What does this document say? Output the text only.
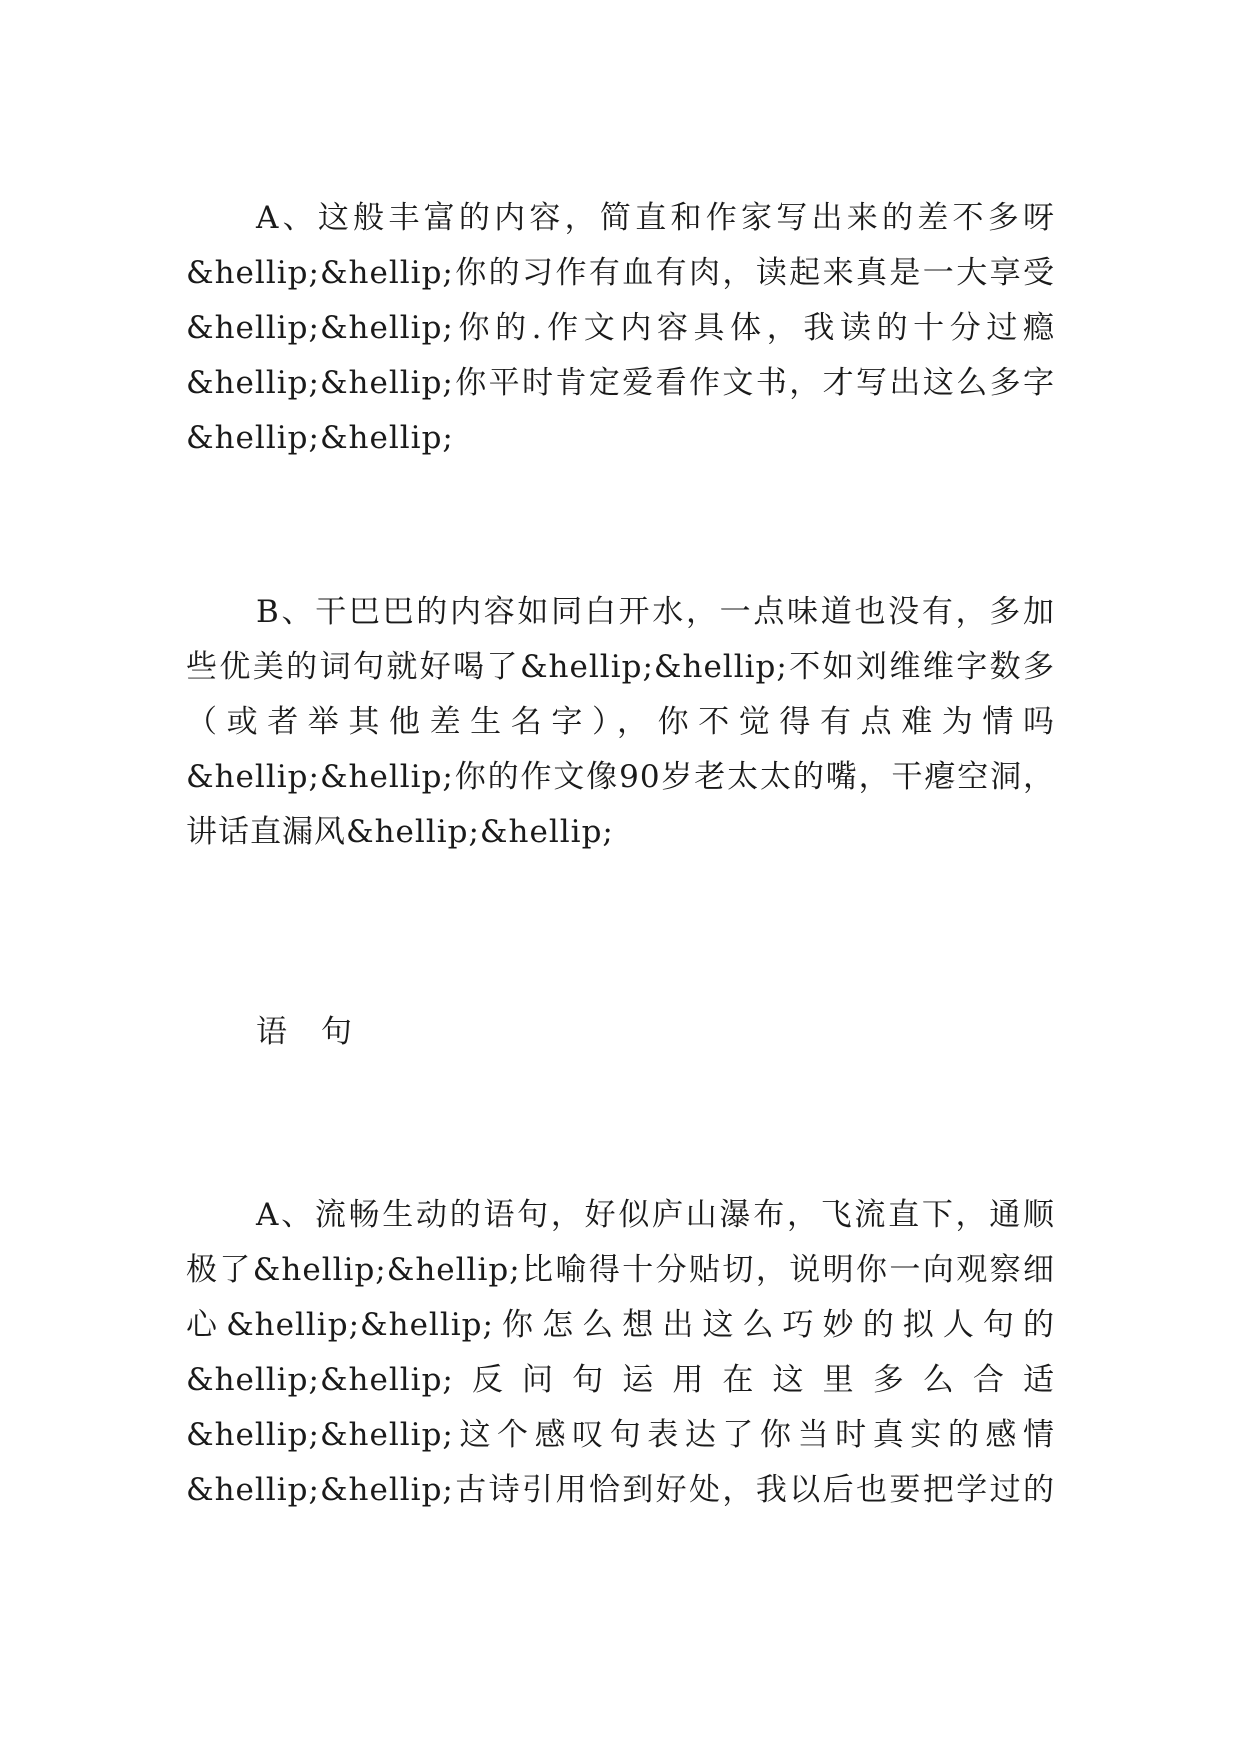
A、这般丰富的内容，简直和作家写出来的差不多呀
&hellip;&hellip;你的习作有血有肉，读起来真是一大享受
&hellip;&hellip;你的.作文内容具体，我读的十分过瘾
&hellip;&hellip;你平时肯定爱看作文书，才写出这么多字
&hellip;&hellip;
B、干巴巴的内容如同白开水，一点味道也没有，多加
些优美的词句就好喝了&hellip;&hellip;不如刘维维字数多
（或者举其他差生名字），你不觉得有点难为情吗
&hellip;&hellip;你的作文像90岁老太太的嘴，干瘪空洞，
讲话直漏风&hellip;&hellip;
语 句
A、流畅生动的语句，好似庐山瀑布，飞流直下，通顺
极了&hellip;&hellip;比喻得十分贴切，说明你一向观察细
心&hellip;&hellip;你怎么想出这么巧妙的拟人句的
&hellip;&hellip;反问句运用在这里多么合适
&hellip;&hellip;这个感叹句表达了你当时真实的感情
&hellip;&hellip;古诗引用恰到好处，我以后也要把学过的
